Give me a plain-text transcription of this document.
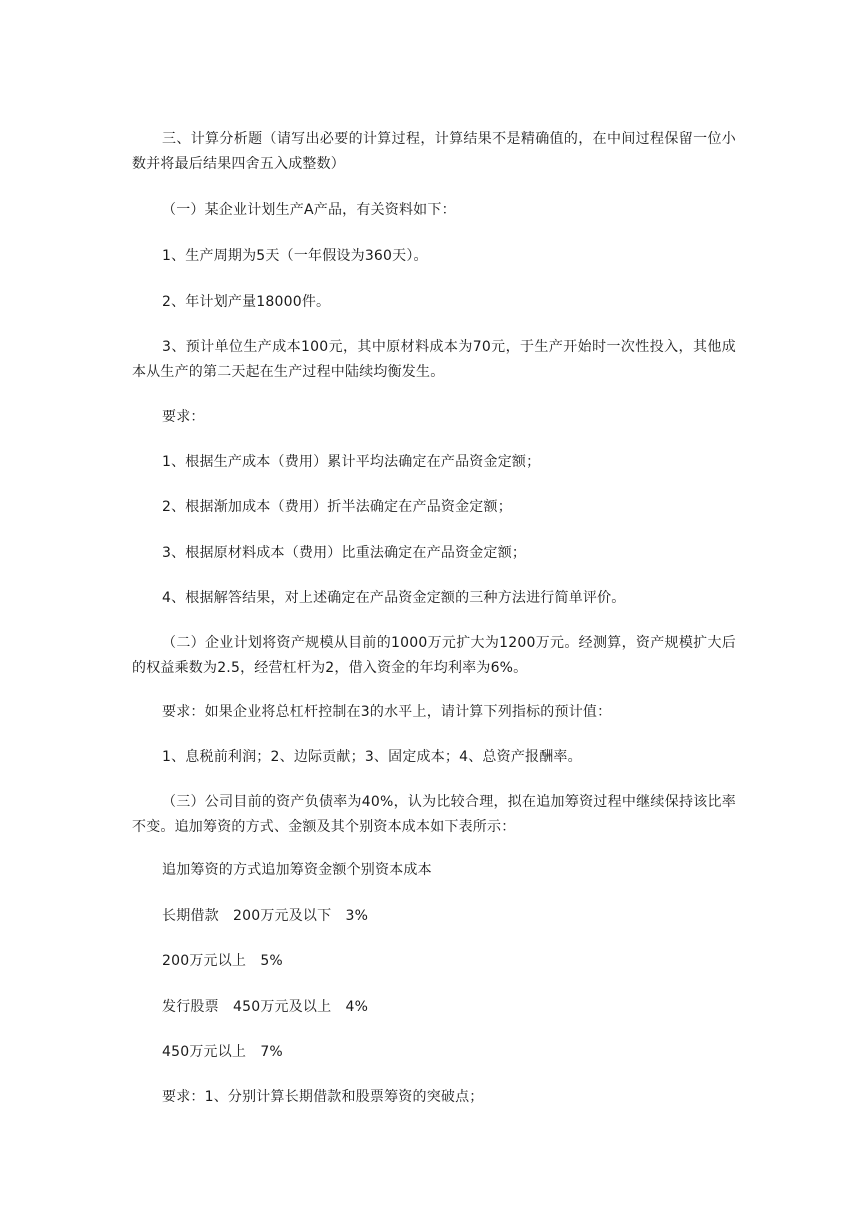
三、计算分析题（请写出必要的计算过程，计算结果不是精确值的，在中间过程保留一位小数并将最后结果四舍五入成整数）

（一）某企业计划生产A产品，有关资料如下：

1、生产周期为5天（一年假设为360天）。

2、年计划产量18000件。

3、预计单位生产成本100元，其中原材料成本为70元，于生产开始时一次性投入，其他成本从生产的第二天起在生产过程中陆续均衡发生。

要求：

1、根据生产成本（费用）累计平均法确定在产品资金定额；

2、根据渐加成本（费用）折半法确定在产品资金定额；

3、根据原材料成本（费用）比重法确定在产品资金定额；

4、根据解答结果，对上述确定在产品资金定额的三种方法进行简单评价。

（二）企业计划将资产规模从目前的1000万元扩大为1200万元。经测算，资产规模扩大后的权益乘数为2.5，经营杠杆为2，借入资金的年均利率为6%。

要求：如果企业将总杠杆控制在3的水平上，请计算下列指标的预计值：

1、息税前利润；2、边际贡献；3、固定成本；4、总资产报酬率。

（三）公司目前的资产负债率为40%，认为比较合理，拟在追加筹资过程中继续保持该比率不变。追加筹资的方式、金额及其个别资本成本如下表所示：

追加筹资的方式追加筹资金额个别资本成本

长期借款　200万元及以下　3%

200万元以上　5%

发行股票　450万元及以上　4%

450万元以上　7%

要求：1、分别计算长期借款和股票筹资的突破点；
